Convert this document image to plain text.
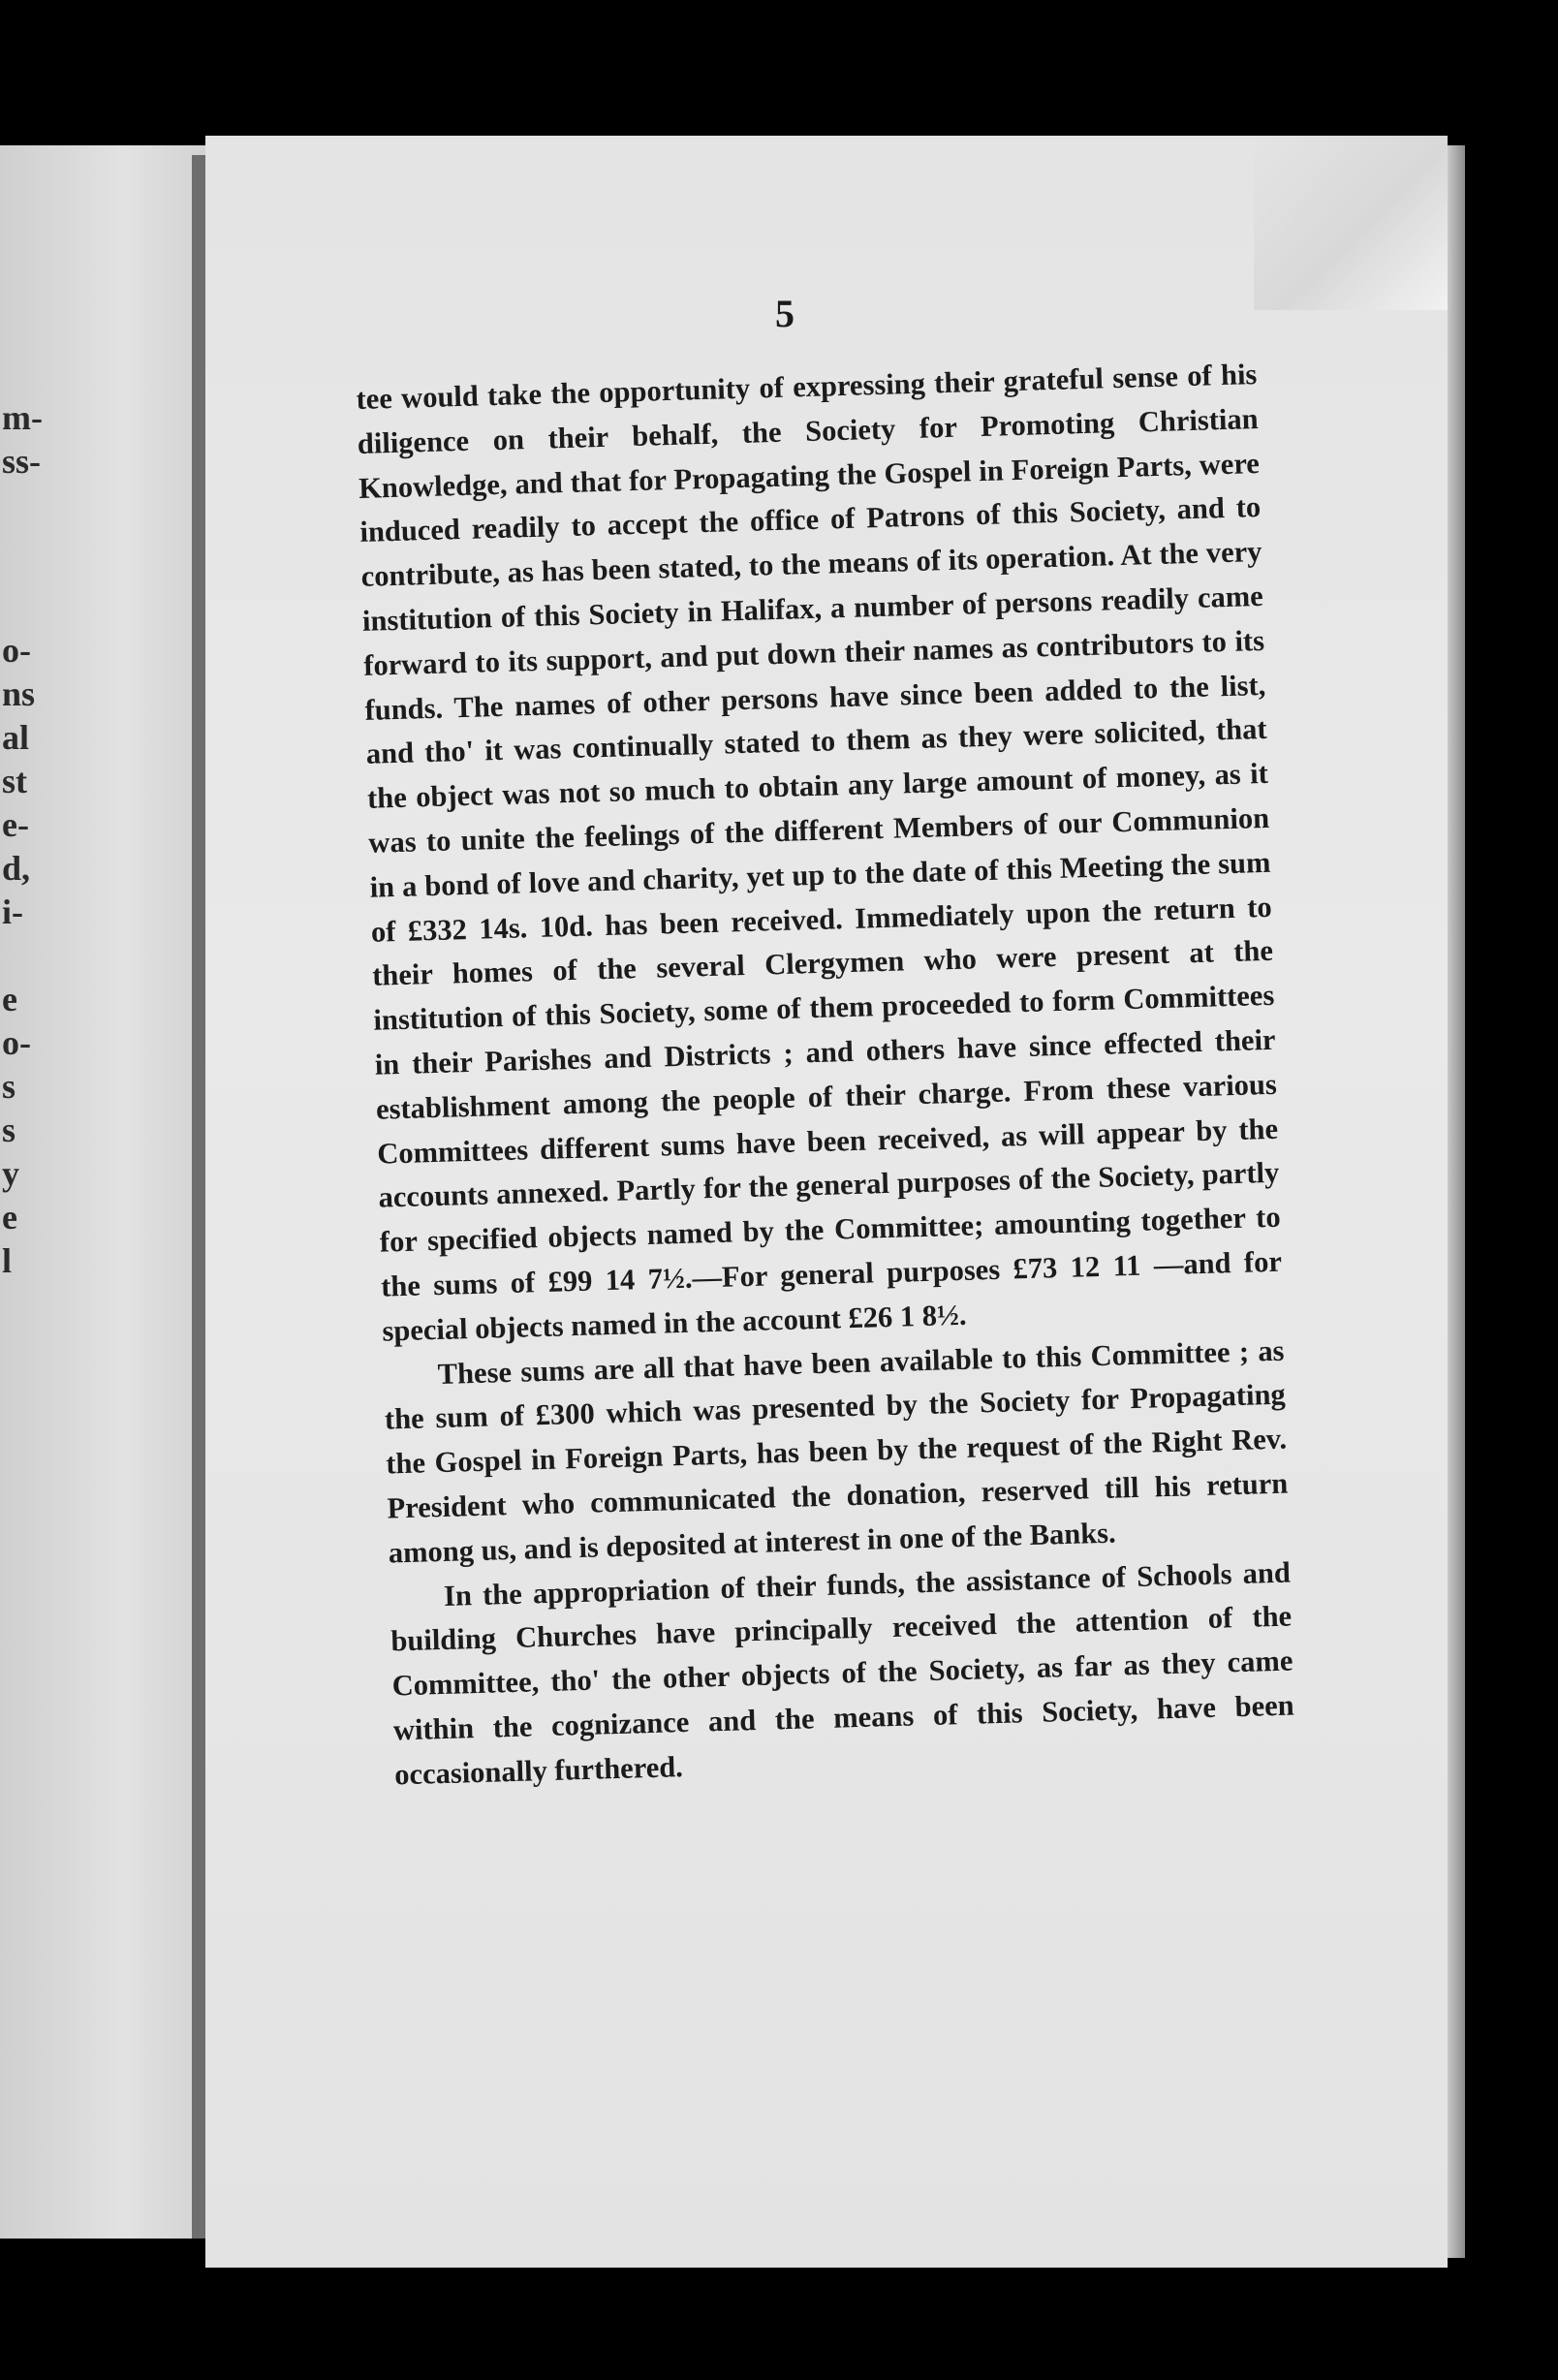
m-
ss-
o-
ns
al
st
e-
d,
i-
e
o-
s
s
y
e
l
5

tee would take the opportunity of expressing their grateful sense of his diligence on their behalf, the Society for Promoting Christian Knowledge, and that for Propagating the Gospel in Foreign Parts, were induced readily to accept the office of Patrons of this Society, and to contribute, as has been stated, to the means of its operation. At the very institution of this Society in Halifax, a number of persons readily came forward to its support, and put down their names as contributors to its funds. The names of other persons have since been added to the list, and tho' it was continually stated to them as they were solicited, that the object was not so much to obtain any large amount of money, as it was to unite the feelings of the different Members of our Communion in a bond of love and charity, yet up to the date of this Meeting the sum of £332 14s. 10d. has been received. Immediately upon the return to their homes of the several Clergymen who were present at the institution of this Society, some of them proceeded to form Committees in their Parishes and Districts ; and others have since effected their establishment among the people of their charge. From these various Committees different sums have been received, as will appear by the accounts annexed. Partly for the general purposes of the Society, partly for specified objects named by the Committee; amounting together to the sums of £99 14 7½.—For general purposes £73 12 11 —and for special objects named in the account £26 1 8½.

These sums are all that have been available to this Committee ; as the sum of £300 which was presented by the Society for Propagating the Gospel in Foreign Parts, has been by the request of the Right Rev. President who communicated the donation, reserved till his return among us, and is deposited at interest in one of the Banks.

In the appropriation of their funds, the assistance of Schools and building Churches have principally received the attention of the Committee, tho' the other objects of the Society, as far as they came within the cognizance and the means of this Society, have been occasionally furthered.
